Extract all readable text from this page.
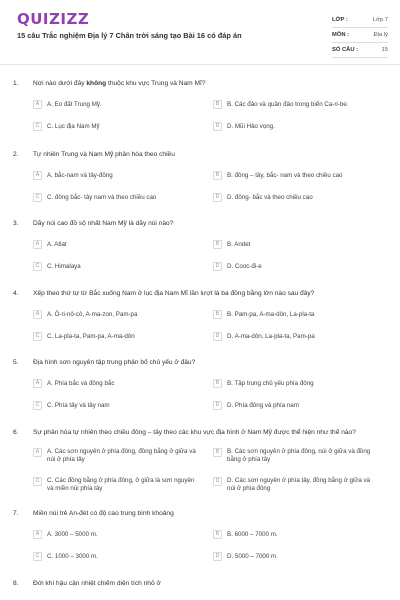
QUIZIZZ
15 câu Trắc nghiệm Địa lý 7 Chân trời sáng tạo Bài 16 có đáp án
LỚP :	Lớp 7
MÔN :	Địa lý
SỐ CÂU :	15
1. Nơi nào dưới đây không thuộc khu vực Trung và Nam Mĩ?
A	A. Eo đất Trung Mỹ.	B	B. Các đảo và quần đảo trong biển Ca-ri-be.
C	C. Lục địa Nam Mỹ	D	D. Mũi Hảo vọng.
2. Tự nhiên Trung và Nam Mỹ phân hóa theo chiều
A	A. bắc-nam và tây-đông	B	B. đông – tây, bắc- nam và theo chiều cao
C	C. đông bắc- tây nam và theo chiều cao	D	D. đông- bắc và theo chiều cao
3. Dãy núi cao đồ sộ nhất Nam Mỹ là dãy núi nào?
A	A. Atlat	B	B. Andet
C	C. Himalaya	D	D. Cooc-đi-e
4. Xếp theo thứ tự từ Bắc xuống Nam ở lục địa Nam Mĩ lần lượt là ba đồng bằng lớn nào sau đây?
A	A. Ô-ri-nô-cô, A-ma-zon, Pam-pa	B	B. Pam-pa, A-ma-dôn, La-pla-ta
C	C. La-pla-ta, Pam-pa, A-ma-dôn	D	D. A-ma-dôn, La-pla-ta, Pam-pa
5. Địa hình sơn nguyên tập trung phân bố chủ yếu ở đâu?
A	A. Phía bắc và đông bắc	B	B. Tập trung chủ yếu phía đông
C	C. Phía tây và tây nam	D	D. Phía đông và phía nam
6. Sự phân hóa tự nhiên theo chiều đông – tây theo các khu vực địa hình ở Nam Mỹ được thể hiện như thế nào?
A	A. Các sơn nguyên ở phía đông, đồng bằng ở giữa và núi ở phía tây
B	B. Các sơn nguyên ở phía đông, núi ở giữa và đồng bằng ở phía tây
C	C. Các đồng bằng ở phía đông, ở giữa là sơn nguyên và miền núi phía tây
D	D. Các sơn nguyên ở phía tây, đồng bằng ở giữa và núi ở phía đông
7. Miền núi trẻ An-đét có độ cao trung bình khoảng
A	A. 3000 – 5000 m.	B	B. 6000 – 7000 m.
C	C. 1000 – 3000 m.	D	D. 5000 – 7000 m.
8. Đới khí hậu cận nhiệt chiếm diện tích nhỏ ở
